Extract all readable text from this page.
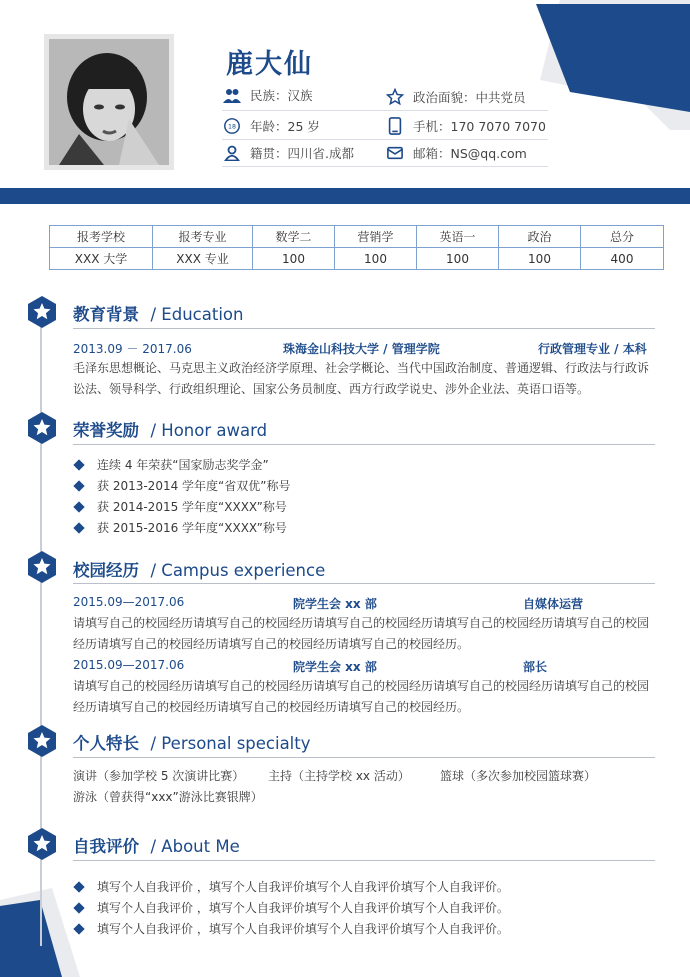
鹿大仙
民族：汉族	政治面貌：中共党员
18 年龄：25 岁	手机：170 7070 7070
籍贯：四川省.成都	邮箱：NS@qq.com
报考学校	报考专业	数学二	营销学	英语一	政治	总分
XXX 大学	XXX 专业	100	100	100	100	400
教育背景 / Education
2013.09 － 2017.06	珠海金山科技大学 / 管理学院	行政管理专业 / 本科
毛泽东思想概论、马克思主义政治经济学原理、社会学概论、当代中国政治制度、普通逻辑、行政法与行政诉
讼法、领导科学、行政组织理论、国家公务员制度、西方行政学说史、涉外企业法、英语口语等。
荣誉奖励 / Honor award
连续 4 年荣获“国家励志奖学金”
获 2013-2014 学年度“省双优”称号
获 2014-2015 学年度“XXXX”称号
获 2015-2016 学年度“XXXX”称号
校园经历 / Campus experience
2015.09—2017.06	院学生会 xx 部	自媒体运营
请填写自己的校园经历请填写自己的校园经历请填写自己的校园经历请填写自己的校园经历请填写自己的校园
经历请填写自己的校园经历请填写自己的校园经历请填写自己的校园经历。
2015.09—2017.06	院学生会 xx 部	部长
请填写自己的校园经历请填写自己的校园经历请填写自己的校园经历请填写自己的校园经历请填写自己的校园
经历请填写自己的校园经历请填写自己的校园经历请填写自己的校园经历。
个人特长 / Personal specialty
演讲（参加学校 5 次演讲比赛） 主持（主持学校 xx 活动）	篮球（多次参加校园篮球赛）
游泳（曾获得“xxx”游泳比赛银牌）
自我评价 / About Me
填写个人自我评价 ，填写个人自我评价填写个人自我评价填写个人自我评价。
填写个人自我评价 ，填写个人自我评价填写个人自我评价填写个人自我评价。
填写个人自我评价 ，填写个人自我评价填写个人自我评价填写个人自我评价。
